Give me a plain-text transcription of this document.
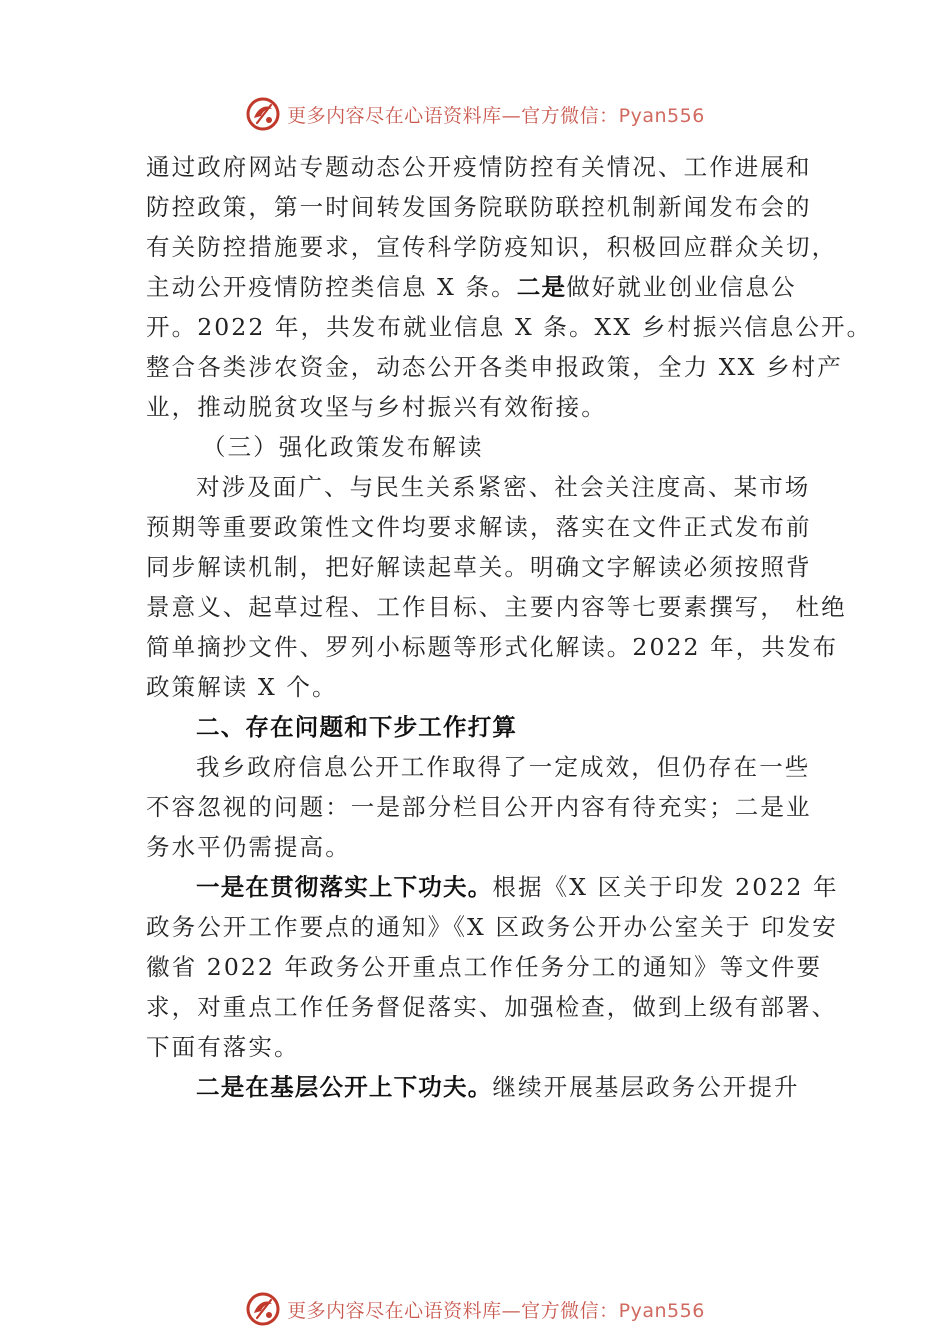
更多内容尽在心语资料库—官方微信：Pyan556
通过政府网站专题动态公开疫情防控有关情况、工作进展和
防控政策，第一时间转发国务院联防联控机制新闻发布会的
有关防控措施要求，宣传科学防疫知识，积极回应群众关切，
主动公开疫情防控类信息 X 条。二是做好就业创业信息公
开。2022 年，共发布就业信息 X 条。XX 乡村振兴信息公开。
整合各类涉农资金，动态公开各类申报政策，全力 XX 乡村产
业，推动脱贫攻坚与乡村振兴有效衔接。
（三）强化政策发布解读
对涉及面广、与民生关系紧密、社会关注度高、某市场
预期等重要政策性文件均要求解读，落实在文件正式发布前
同步解读机制，把好解读起草关。明确文字解读必须按照背
景意义、起草过程、工作目标、主要内容等七要素撰写， 杜绝
简单摘抄文件、罗列小标题等形式化解读。2022 年，共发布
政策解读 X 个。
二、存在问题和下步工作打算
我乡政府信息公开工作取得了一定成效，但仍存在一些
不容忽视的问题：一是部分栏目公开内容有待充实；二是业
务水平仍需提高。
一是在贯彻落实上下功夫。根据《X 区关于印发 2022 年
政务公开工作要点的通知》《X 区政务公开办公室关于 印发安
徽省 2022 年政务公开重点工作任务分工的通知》等文件要
求，对重点工作任务督促落实、加强检查，做到上级有部署、
下面有落实。
二是在基层公开上下功夫。继续开展基层政务公开提升
更多内容尽在心语资料库—官方微信：Pyan556
